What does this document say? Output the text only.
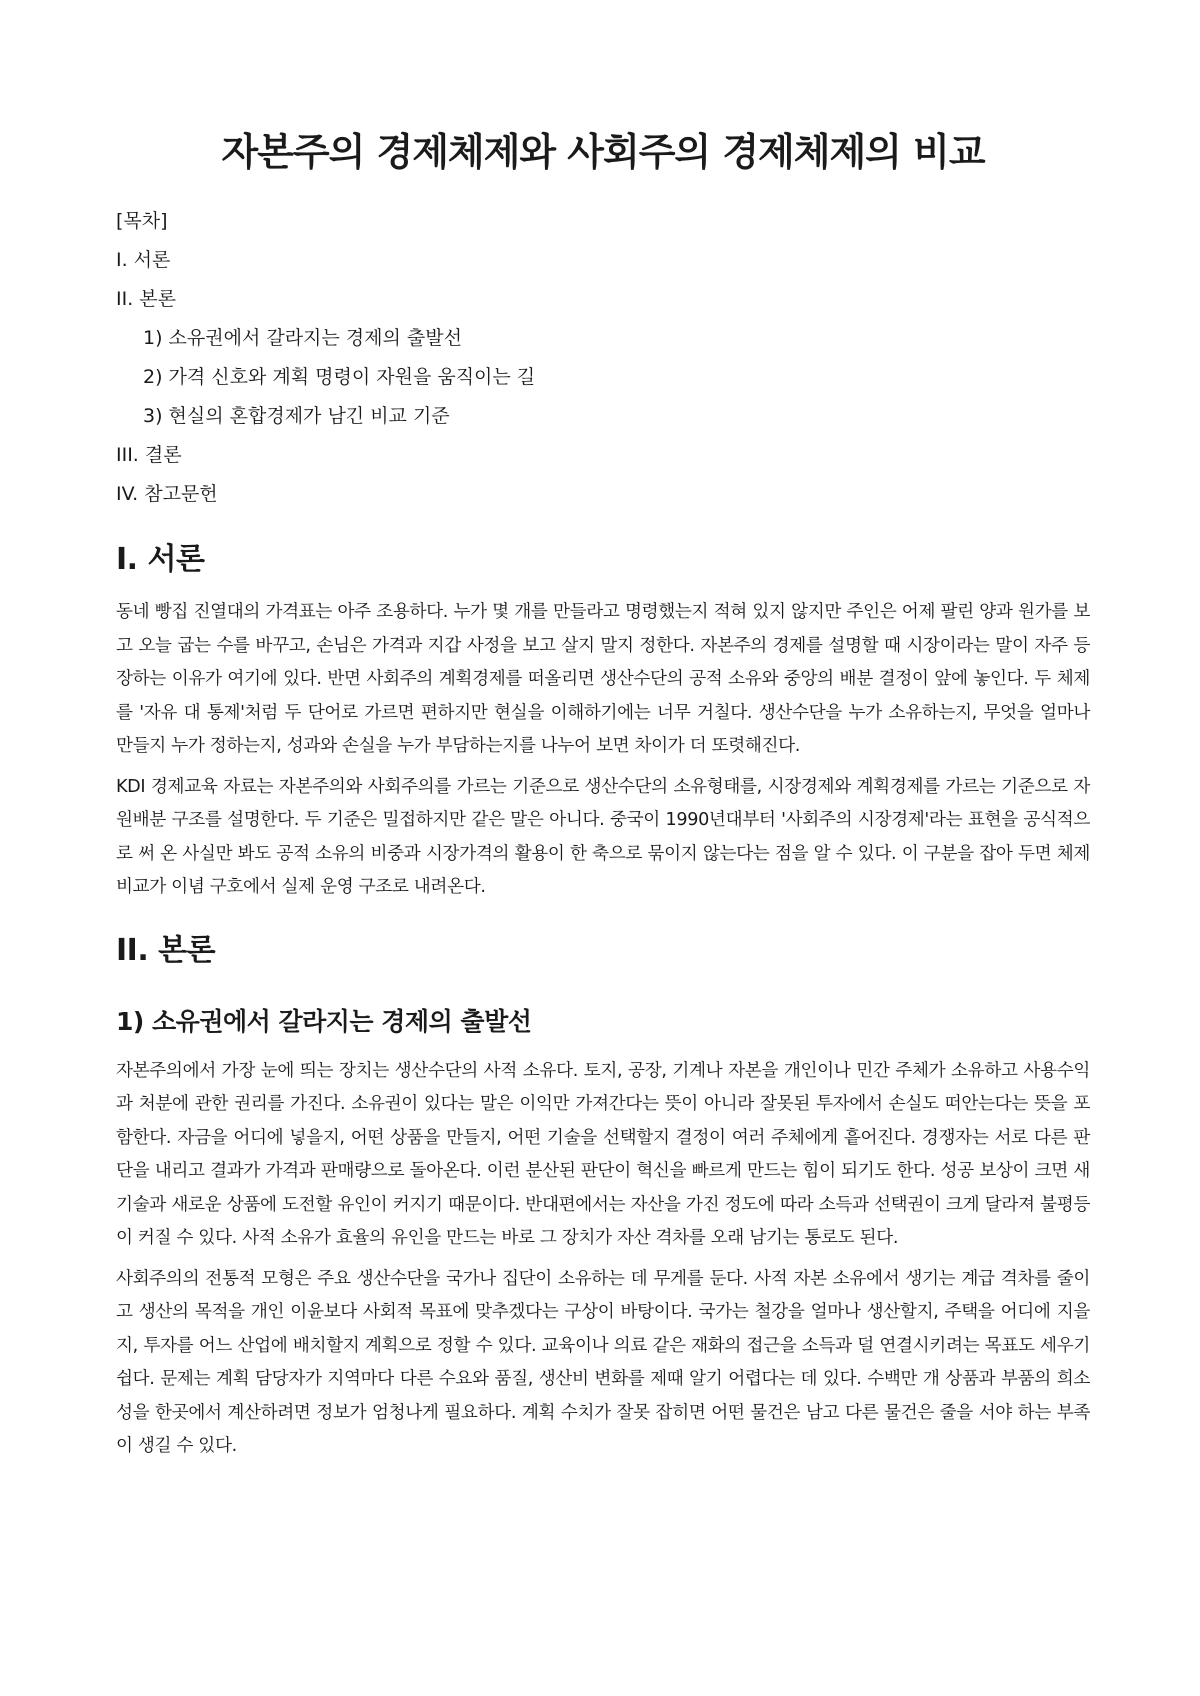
자본주의 경제체제와 사회주의 경제체제의 비교
[목차]
I. 서론
II. 본론
1) 소유권에서 갈라지는 경제의 출발선
2) 가격 신호와 계획 명령이 자원을 움직이는 길
3) 현실의 혼합경제가 남긴 비교 기준
III. 결론
IV. 참고문헌
I. 서론

동네 빵집 진열대의 가격표는 아주 조용하다. 누가 몇 개를 만들라고 명령했는지 적혀 있지 않지만 주인은 어제 팔린 양과 원가를 보고 오늘 굽는 수를 바꾸고, 손님은 가격과 지갑 사정을 보고 살지 말지 정한다. 자본주의 경제를 설명할 때 시장이라는 말이 자주 등장하는 이유가 여기에 있다. 반면 사회주의 계획경제를 떠올리면 생산수단의 공적 소유와 중앙의 배분 결정이 앞에 놓인다. 두 체제를 '자유 대 통제'처럼 두 단어로 가르면 편하지만 현실을 이해하기에는 너무 거칠다. 생산수단을 누가 소유하는지, 무엇을 얼마나 만들지 누가 정하는지, 성과와 손실을 누가 부담하는지를 나누어 보면 차이가 더 또렷해진다.

KDI 경제교육 자료는 자본주의와 사회주의를 가르는 기준으로 생산수단의 소유형태를, 시장경제와 계획경제를 가르는 기준으로 자원배분 구조를 설명한다. 두 기준은 밀접하지만 같은 말은 아니다. 중국이 1990년대부터 '사회주의 시장경제'라는 표현을 공식적으로 써 온 사실만 봐도 공적 소유의 비중과 시장가격의 활용이 한 축으로 묶이지 않는다는 점을 알 수 있다. 이 구분을 잡아 두면 체제 비교가 이념 구호에서 실제 운영 구조로 내려온다.

II. 본론
1) 소유권에서 갈라지는 경제의 출발선

자본주의에서 가장 눈에 띄는 장치는 생산수단의 사적 소유다. 토지, 공장, 기계나 자본을 개인이나 민간 주체가 소유하고 사용수익과 처분에 관한 권리를 가진다. 소유권이 있다는 말은 이익만 가져간다는 뜻이 아니라 잘못된 투자에서 손실도 떠안는다는 뜻을 포함한다. 자금을 어디에 넣을지, 어떤 상품을 만들지, 어떤 기술을 선택할지 결정이 여러 주체에게 흩어진다. 경쟁자는 서로 다른 판단을 내리고 결과가 가격과 판매량으로 돌아온다. 이런 분산된 판단이 혁신을 빠르게 만드는 힘이 되기도 한다. 성공 보상이 크면 새 기술과 새로운 상품에 도전할 유인이 커지기 때문이다. 반대편에서는 자산을 가진 정도에 따라 소득과 선택권이 크게 달라져 불평등이 커질 수 있다. 사적 소유가 효율의 유인을 만드는 바로 그 장치가 자산 격차를 오래 남기는 통로도 된다.

사회주의의 전통적 모형은 주요 생산수단을 국가나 집단이 소유하는 데 무게를 둔다. 사적 자본 소유에서 생기는 계급 격차를 줄이고 생산의 목적을 개인 이윤보다 사회적 목표에 맞추겠다는 구상이 바탕이다. 국가는 철강을 얼마나 생산할지, 주택을 어디에 지을지, 투자를 어느 산업에 배치할지 계획으로 정할 수 있다. 교육이나 의료 같은 재화의 접근을 소득과 덜 연결시키려는 목표도 세우기 쉽다. 문제는 계획 담당자가 지역마다 다른 수요와 품질, 생산비 변화를 제때 알기 어렵다는 데 있다. 수백만 개 상품과 부품의 희소성을 한곳에서 계산하려면 정보가 엄청나게 필요하다. 계획 수치가 잘못 잡히면 어떤 물건은 남고 다른 물건은 줄을 서야 하는 부족이 생길 수 있다.
